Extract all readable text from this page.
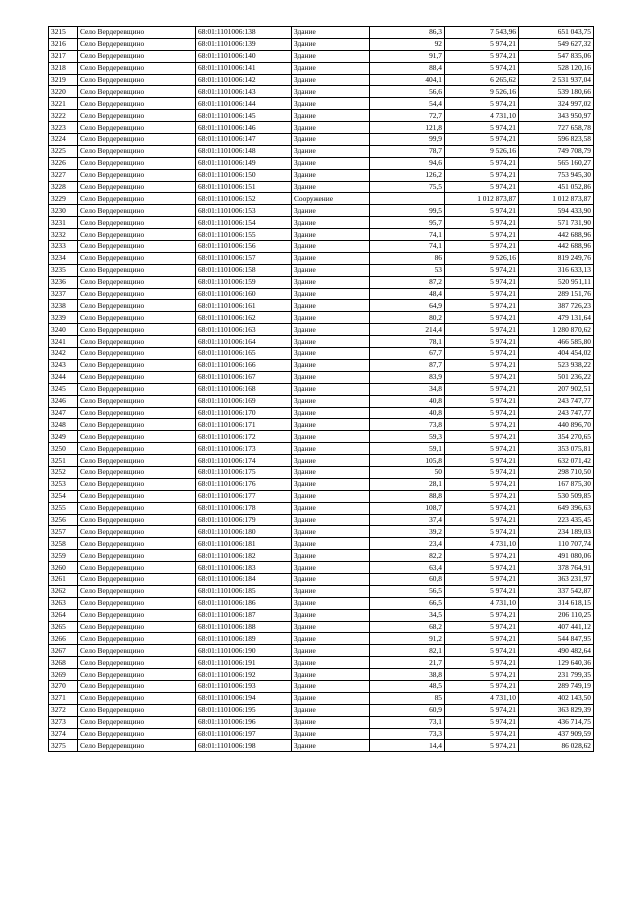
3215	Село Вердеревщино	68:01:1101006:138	Здание	86,3	7 543,96	651 043,75
3216	Село Вердеревщино	68:01:1101006:139	Здание	92	5 974,21	549 627,32
3217	Село Вердеревщино	68:01:1101006:140	Здание	91,7	5 974,21	547 835,06
3218	Село Вердеревщино	68:01:1101006:141	Здание	88,4	5 974,21	528 120,16
3219	Село Вердеревщино	68:01:1101006:142	Здание	404,1	6 265,62	2 531 937,04
3220	Село Вердеревщино	68:01:1101006:143	Здание	56,6	9 526,16	539 180,66
3221	Село Вердеревщино	68:01:1101006:144	Здание	54,4	5 974,21	324 997,02
3222	Село Вердеревщино	68:01:1101006:145	Здание	72,7	4 731,10	343 950,97
3223	Село Вердеревщино	68:01:1101006:146	Здание	121,8	5 974,21	727 658,78
3224	Село Вердеревщино	68:01:1101006:147	Здание	99,9	5 974,21	596 823,58
3225	Село Вердеревщино	68:01:1101006:148	Здание	78,7	9 526,16	749 708,79
3226	Село Вердеревщино	68:01:1101006:149	Здание	94,6	5 974,21	565 160,27
3227	Село Вердеревщино	68:01:1101006:150	Здание	126,2	5 974,21	753 945,30
3228	Село Вердеревщино	68:01:1101006:151	Здание	75,5	5 974,21	451 052,86
3229	Село Вердеревщино	68:01:1101006:152	Сооружение		1 012 873,87	1 012 873,87
3230	Село Вердеревщино	68:01:1101006:153	Здание	99,5	5 974,21	594 433,90
3231	Село Вердеревщино	68:01:1101006:154	Здание	95,7	5 974,21	571 731,90
3232	Село Вердеревщино	68:01:1101006:155	Здание	74,1	5 974,21	442 688,96
3233	Село Вердеревщино	68:01:1101006:156	Здание	74,1	5 974,21	442 688,96
3234	Село Вердеревщино	68:01:1101006:157	Здание	86	9 526,16	819 249,76
3235	Село Вердеревщино	68:01:1101006:158	Здание	53	5 974,21	316 633,13
3236	Село Вердеревщино	68:01:1101006:159	Здание	87,2	5 974,21	520 951,11
3237	Село Вердеревщино	68:01:1101006:160	Здание	48,4	5 974,21	289 151,76
3238	Село Вердеревщино	68:01:1101006:161	Здание	64,9	5 974,21	387 726,23
3239	Село Вердеревщино	68:01:1101006:162	Здание	80,2	5 974,21	479 131,64
3240	Село Вердеревщино	68:01:1101006:163	Здание	214,4	5 974,21	1 280 870,62
3241	Село Вердеревщино	68:01:1101006:164	Здание	78,1	5 974,21	466 585,80
3242	Село Вердеревщино	68:01:1101006:165	Здание	67,7	5 974,21	404 454,02
3243	Село Вердеревщино	68:01:1101006:166	Здание	87,7	5 974,21	523 938,22
3244	Село Вердеревщино	68:01:1101006:167	Здание	83,9	5 974,21	501 236,22
3245	Село Вердеревщино	68:01:1101006:168	Здание	34,8	5 974,21	207 902,51
3246	Село Вердеревщино	68:01:1101006:169	Здание	40,8	5 974,21	243 747,77
3247	Село Вердеревщино	68:01:1101006:170	Здание	40,8	5 974,21	243 747,77
3248	Село Вердеревщино	68:01:1101006:171	Здание	73,8	5 974,21	440 896,70
3249	Село Вердеревщино	68:01:1101006:172	Здание	59,3	5 974,21	354 270,65
3250	Село Вердеревщино	68:01:1101006:173	Здание	59,1	5 974,21	353 075,81
3251	Село Вердеревщино	68:01:1101006:174	Здание	105,8	5 974,21	632 071,42
3252	Село Вердеревщино	68:01:1101006:175	Здание	50	5 974,21	298 710,50
3253	Село Вердеревщино	68:01:1101006:176	Здание	28,1	5 974,21	167 875,30
3254	Село Вердеревщино	68:01:1101006:177	Здание	88,8	5 974,21	530 509,85
3255	Село Вердеревщино	68:01:1101006:178	Здание	108,7	5 974,21	649 396,63
3256	Село Вердеревщино	68:01:1101006:179	Здание	37,4	5 974,21	223 435,45
3257	Село Вердеревщино	68:01:1101006:180	Здание	39,2	5 974,21	234 189,03
3258	Село Вердеревщино	68:01:1101006:181	Здание	23,4	4 731,10	110 707,74
3259	Село Вердеревщино	68:01:1101006:182	Здание	82,2	5 974,21	491 080,06
3260	Село Вердеревщино	68:01:1101006:183	Здание	63,4	5 974,21	378 764,91
3261	Село Вердеревщино	68:01:1101006:184	Здание	60,8	5 974,21	363 231,97
3262	Село Вердеревщино	68:01:1101006:185	Здание	56,5	5 974,21	337 542,87
3263	Село Вердеревщино	68:01:1101006:186	Здание	66,5	4 731,10	314 618,15
3264	Село Вердеревщино	68:01:1101006:187	Здание	34,5	5 974,21	206 110,25
3265	Село Вердеревщино	68:01:1101006:188	Здание	68,2	5 974,21	407 441,12
3266	Село Вердеревщино	68:01:1101006:189	Здание	91,2	5 974,21	544 847,95
3267	Село Вердеревщино	68:01:1101006:190	Здание	82,1	5 974,21	490 482,64
3268	Село Вердеревщино	68:01:1101006:191	Здание	21,7	5 974,21	129 640,36
3269	Село Вердеревщино	68:01:1101006:192	Здание	38,8	5 974,21	231 799,35
3270	Село Вердеревщино	68:01:1101006:193	Здание	48,5	5 974,21	289 749,19
3271	Село Вердеревщино	68:01:1101006:194	Здание	85	4 731,10	402 143,50
3272	Село Вердеревщино	68:01:1101006:195	Здание	60,9	5 974,21	363 829,39
3273	Село Вердеревщино	68:01:1101006:196	Здание	73,1	5 974,21	436 714,75
3274	Село Вердеревщино	68:01:1101006:197	Здание	73,3	5 974,21	437 909,59
3275	Село Вердеревщино	68:01:1101006:198	Здание	14,4	5 974,21	86 028,62
